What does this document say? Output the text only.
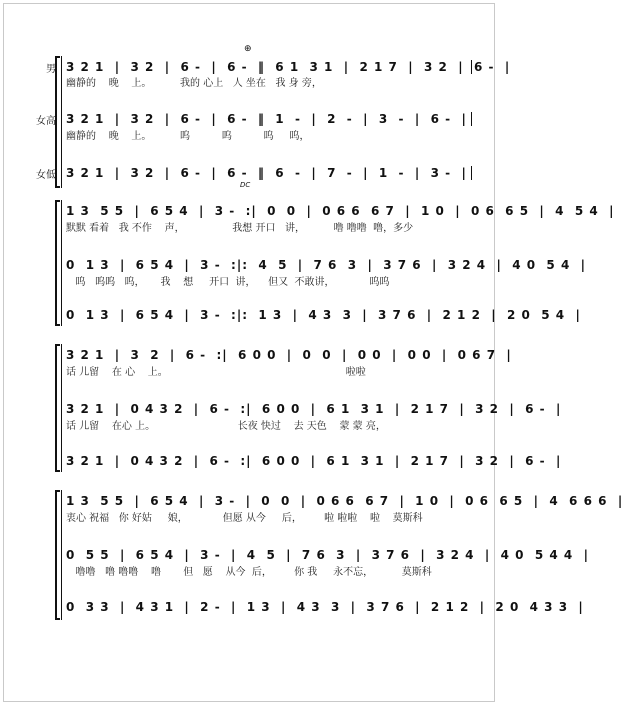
男 3 2 1  |  3 2  |  6 -  |  6 -  ‖  6 1  3 1  |  2 1 7  |  3 2  |  6 -  |
幽静的    晚    上。         我的 心上   人 坐在   我 身 旁，
⊕
女高 3 2 1  |  3 2  |  6 -  |  6 -  ‖  1  -  |  2  -  |  3  -  |  6 -  |
幽静的    晚    上。         呜          呜          呜     呜，
女低 3 2 1  |  3 2  |  6 -  |  6 -  ‖  6  -  |  7  -  |  1  -  |  3 -  |
DC
1 3  5 5  |  6 5 4  |  3 -  :|  0  0  |  0 6 6  6 7  |  1 0  |  0 6  6 5  |  4  5 4  |
默默 看着   我 不作    声，               我想 开口   讲，         噜 噜噜  噜，多少
0  1 3  |  6 5 4  |  3 -  :|:  4  5  |  7 6  3  |  3 7 6  |  3 2 4  |  4 0  5 4  |
呜   呜呜   呜，     我    想     开口  讲，    但又  不敢讲，           呜呜
0  1 3  |  6 5 4  |  3 -  :|:  1 3  |  4 3  3  |  3 7 6  |  2 1 2  |  2 0  5 4  |
3 2 1  |  3  2  |  6 -  :|  6 0 0  |  0  0  |  0 0  |  0 0  |  0 6 7  |
话 儿留    在 心    上。                                                        啦啦
3 2 1  |  0 4 3 2  |  6 -  :|  6 0 0  |  6 1  3 1  |  2 1 7  |  3 2  |  6 -  |
话 儿留    在心 上。                          长夜 快过    去 天色    蒙 蒙 亮，
3 2 1  |  0 4 3 2  |  6 -  :|  6 0 0  |  6 1  3 1  |  2 1 7  |  3 2  |  6 -  |
1 3  5 5  |  6 5 4  |  3 -  |  0  0  |  0 6 6  6 7  |  1 0  |  0 6  6 5  |  4  6 6 6  |
衷心 祝福   你 好姑     娘，           但愿 从今     后，       啦 啦啦    啦    莫斯科
0  5 5  |  6 5 4  |  3 -  |  4  5  |  7 6  3  |  3 7 6  |  3 2 4  |  4 0  5 4 4  |
噜噜   噜 噜噜    噜       但   愿    从今  后，       你 我     永不忘，         莫斯科
0  3 3  |  4 3 1  |  2 -  |  1 3  |  4 3  3  |  3 7 6  |  2 1 2  |  2 0  4 3 3  |
